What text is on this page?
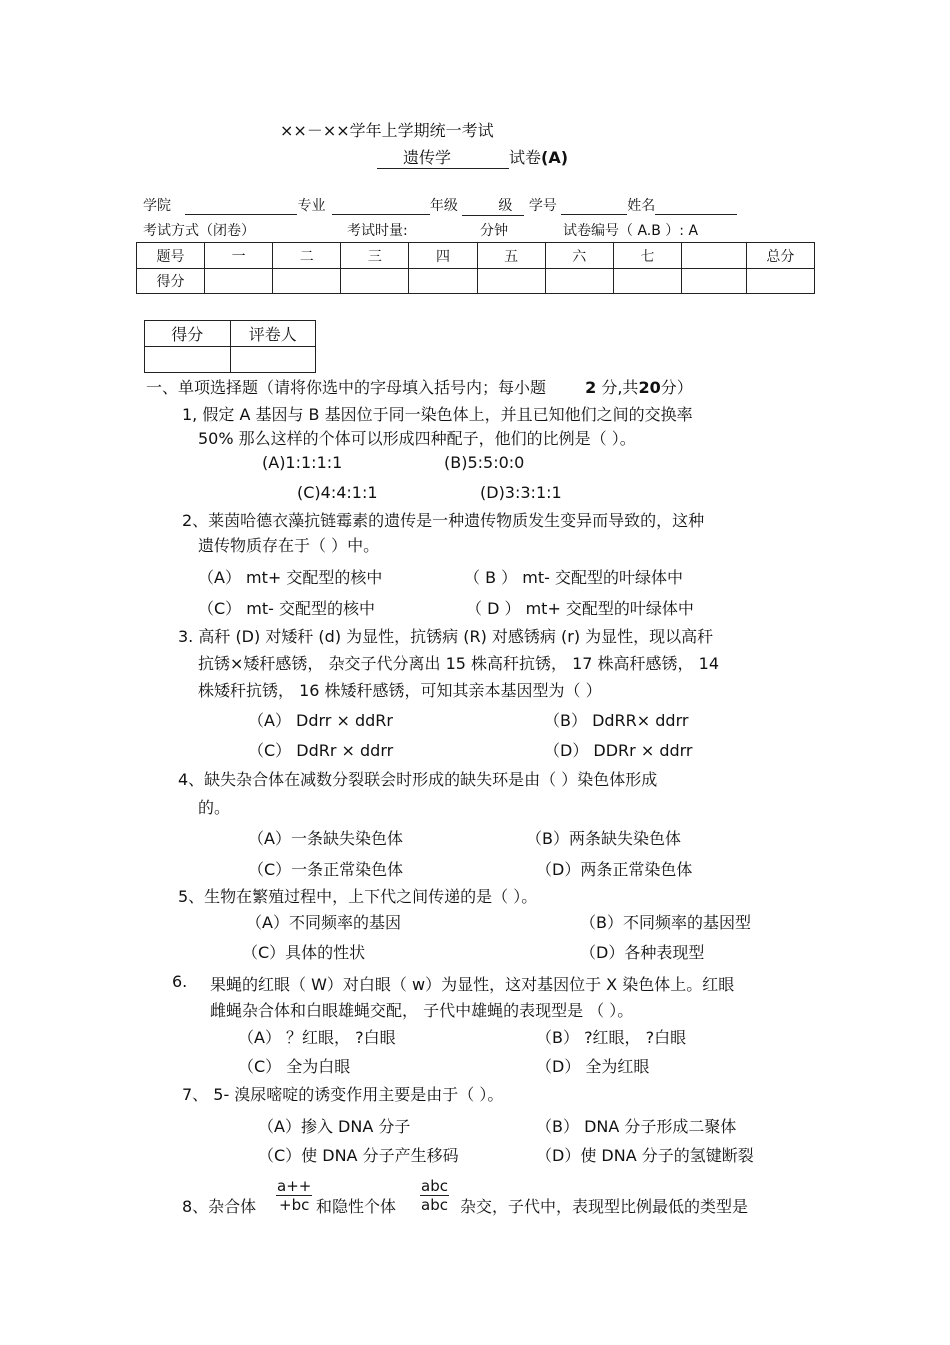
××－××学年上学期统一考试
遗传学	试卷(A)
学院	专业	年级	级 学号	姓名
考试方式（闭卷）	考试时量:	分钟	试卷编号（ A.B ）: A
题号	一	二	三	四	五	六	七		总分
得分									
得分	评卷人

一、单项选择题（请将你选中的字母填入括号内；每小题 2 分,共20分）
1, 假定 A 基因与 B 基因位于同一染色体上，并且已知他们之间的交换率
50% 那么这样的个体可以形成四种配子，他们的比例是（ ）。
(A)1:1:1:1	(B)5:5:0:0
(C)4:4:1:1	(D)3:3:1:1
2、莱茵哈德衣藻抗链霉素的遗传是一种遗传物质发生变异而导致的，这种
遗传物质存在于（ ）中。
（A） mt+ 交配型的核中	（ B ） mt- 交配型的叶绿体中
（C） mt- 交配型的核中	（ D ） mt+ 交配型的叶绿体中
3. 高秆 (D) 对矮秆 (d) 为显性，抗锈病 (R) 对感锈病 (r) 为显性，现以高秆
抗锈×矮秆感锈， 杂交子代分离出 15 株高秆抗锈， 17 株高秆感锈， 14
株矮秆抗锈， 16 株矮秆感锈，可知其亲本基因型为（ ）
（A） Ddrr × ddRr	（B） DdRR× ddrr
（C） DdRr × ddrr	（D） DDRr × ddrr
4、缺失杂合体在减数分裂联会时形成的缺失环是由（ ）染色体形成
的。
（A）一条缺失染色体	（B）两条缺失染色体
（C）一条正常染色体	（D）两条正常染色体
5、生物在繁殖过程中，上下代之间传递的是（ ）。
（A）不同频率的基因	（B）不同频率的基因型
（C）具体的性状	（D）各种表现型
6. 果蝇的红眼（ W）对白眼（ w）为显性，这对基因位于 X 染色体上。红眼
雌蝇杂合体和白眼雄蝇交配， 子代中雄蝇的表现型是 （ ）。
（A） ？红眼， ?白眼	（B） ?红眼， ?白眼
（C） 全为白眼	（D） 全为红眼
7、 5- 溴尿嘧啶的诱变作用主要是由于（ ）。
（A）掺入 DNA 分子	（B） DNA 分子形成二聚体
（C）使 DNA 分子产生移码	（D）使 DNA 分子的氢键断裂
8、杂合体 $\frac{a++}{+bc}$ 和隐性个体
abc
abc 杂交，子代中，表现型比例最低的类型是
